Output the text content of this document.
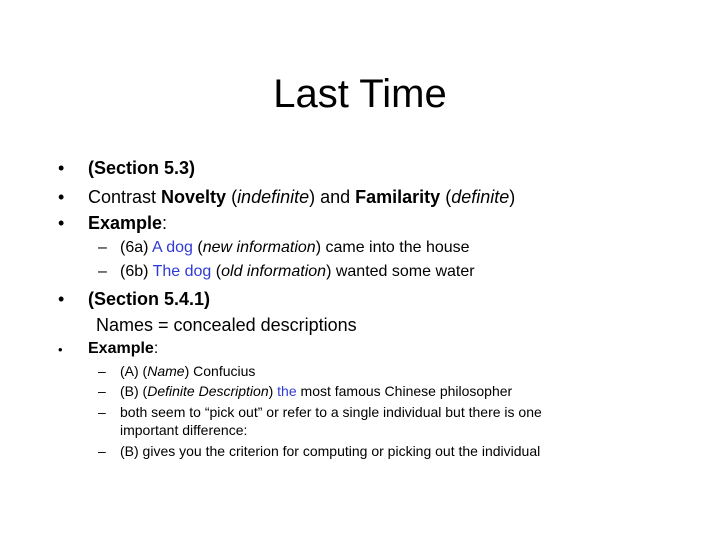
Last Time
•	(Section 5.3)
•	Contrast Novelty (indefinite) and Familarity (definite)
•	Example:
– (6a) A dog (new information) came into the house
– (6b) The dog (old information) wanted some water
•	(Section 5.4.1)
Names = concealed descriptions
•	Example:
– (A) (Name) Confucius
– (B) (Definite Description) the most famous Chinese philosopher
– both seem to “pick out” or refer to a single individual but there is one
important difference:
– (B) gives you the criterion for computing or picking out the individual
